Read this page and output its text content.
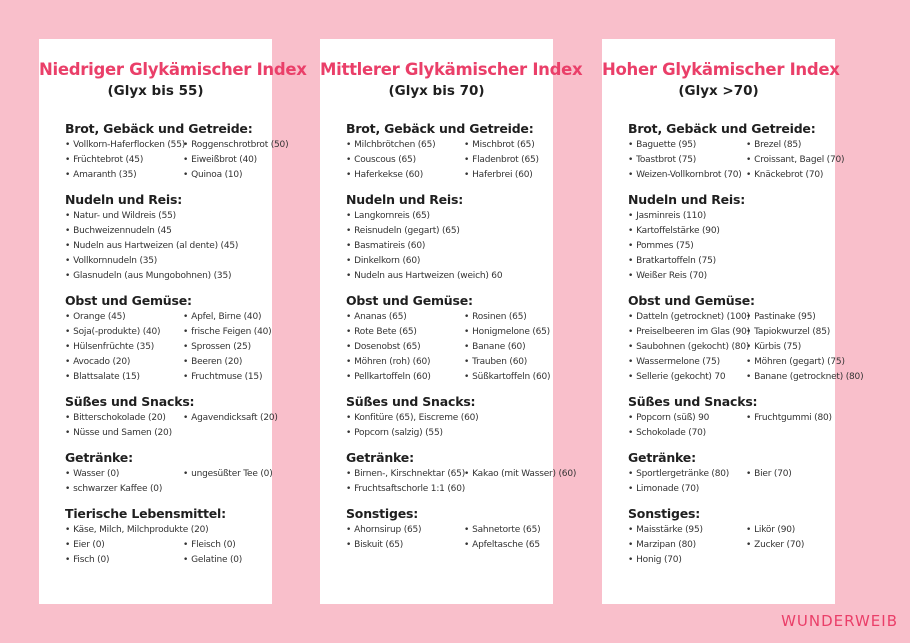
Niedriger Glykämischer Index
(Glyx bis 55)
Brot, Gebäck und Getreide:
• Vollkorn-Haferflocken (55) • Roggenschrotbrot (50)
• Früchtebrot (45)	• Eiweißbrot (40)
• Amaranth (35)	• Quinoa (10)
Nudeln und Reis:
• Natur- und Wildreis (55)
• Buchweizennudeln (45
• Nudeln aus Hartweizen (al dente) (45)
• Vollkornnudeln (35)
• Glasnudeln (aus Mungobohnen) (35)
Obst und Gemüse:
• Orange (45)	• Apfel, Birne (40)
• Soja(-produkte) (40)	• frische Feigen (40)
• Hülsenfrüchte (35)	• Sprossen (25)
• Avocado (20)	• Beeren (20)
• Blattsalate (15)	• Fruchtmuse (15)
Süßes und Snacks:
• Bitterschokolade (20)	• Agavendicksaft (20)
• Nüsse und Samen (20)
Getränke:
• Wasser (0)	• ungesüßter Tee (0)
• schwarzer Kaffee (0)
Tierische Lebensmittel:
• Käse, Milch, Milchprodukte (20)
• Eier (0)	• Fleisch (0)
• Fisch (0)	• Gelatine (0)
Mittlerer Glykämischer Index
(Glyx bis 70)
Brot, Gebäck und Getreide:
• Milchbrötchen (65)	• Mischbrot (65)
• Couscous (65)	• Fladenbrot (65)
• Haferkekse (60)	• Haferbrei (60)
Nudeln und Reis:
• Langkornreis (65)
• Reisnudeln (gegart) (65)
• Basmatireis (60)
• Dinkelkorn (60)
• Nudeln aus Hartweizen (weich) 60
Obst und Gemüse:
• Ananas (65)	• Rosinen (65)
• Rote Bete (65)	• Honigmelone (65)
• Dosenobst (65)	• Banane (60)
• Möhren (roh) (60)	• Trauben (60)
• Pellkartoffeln (60)	• Süßkartoffeln (60)
Süßes und Snacks:
• Konfitüre (65), Eiscreme (60)
• Popcorn (salzig) (55)
Getränke:
• Birnen-, Kirschnektar (65) • Kakao (mit Wasser) (60)
• Fruchtsaftschorle 1:1 (60)
Sonstiges:
• Ahornsirup (65)	• Sahnetorte (65)
• Biskuit (65)	• Apfeltasche (65
Hoher Glykämischer Index
(Glyx >70)
Brot, Gebäck und Getreide:
• Baguette (95)	• Brezel (85)
• Toastbrot (75)	• Croissant, Bagel (70)
• Weizen-Vollkornbrot (70)	• Knäckebrot (70)
Nudeln und Reis:
• Jasminreis (110)
• Kartoffelstärke (90)
• Pommes (75)
• Bratkartoffeln (75)
• Weißer Reis (70)
Obst und Gemüse:
• Datteln (getrocknet) (100) • Pastinake (95)
• Preiselbeeren im Glas (90) • Tapiokwurzel (85)
• Saubohnen (gekocht) (80) • Kürbis (75)
• Wassermelone (75)	• Möhren (gegart) (75)
• Sellerie (gekocht) 70	• Banane (getrocknet) (80)
Süßes und Snacks:
• Popcorn (süß) 90	• Fruchtgummi (80)
• Schokolade (70)
Getränke:
• Sportlergetränke (80)	• Bier (70)
• Limonade (70)
Sonstiges:
• Maisstärke (95)	• Likör (90)
• Marzipan (80)	• Zucker (70)
• Honig (70)
WUNDERWEIB
